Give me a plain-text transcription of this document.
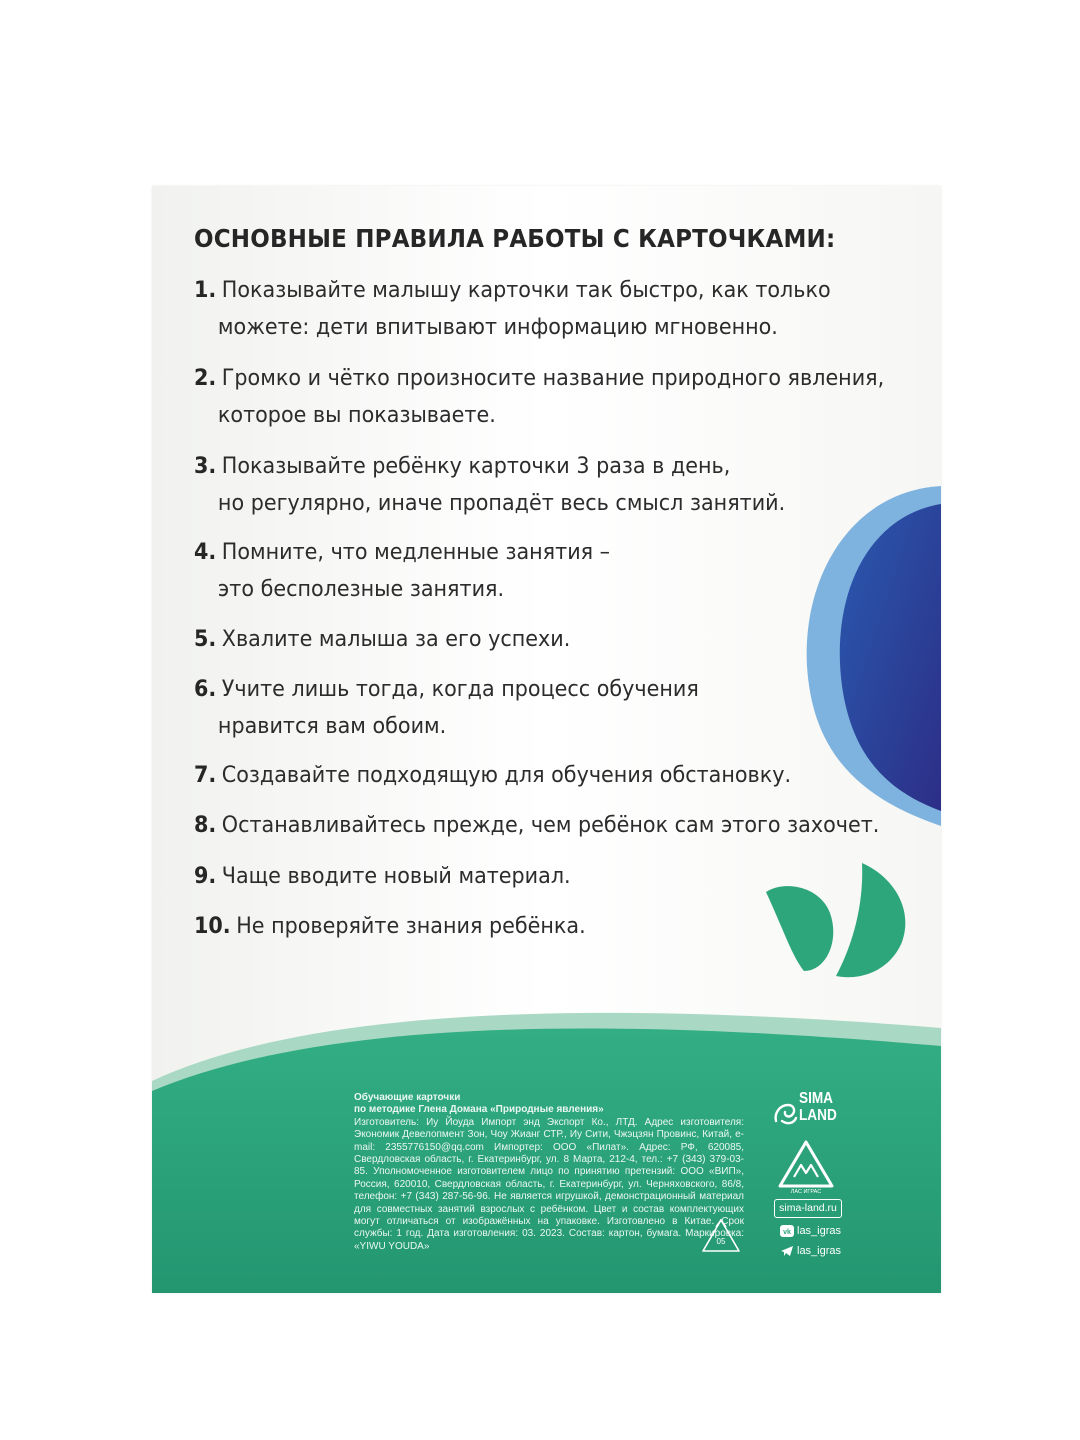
ОСНОВНЫЕ ПРАВИЛА РАБОТЫ С КАРТОЧКАМИ:
1. Показывайте малышу карточки так быстро, как только
можете: дети впитывают информацию мгновенно.
2. Громко и чётко произносите название природного явления,
которое вы показываете.
3. Показывайте ребёнку карточки 3 раза в день,
но регулярно, иначе пропадёт весь смысл занятий.
4. Помните, что медленные занятия –
это бесполезные занятия.
5. Хвалите малыша за его успехи.
6. Учите лишь тогда, когда процесс обучения
нравится вам обоим.
7. Создавайте подходящую для обучения обстановку.
8. Останавливайтесь прежде, чем ребёнок сам этого захочет.
9. Чаще вводите новый материал.
10. Не проверяйте знания ребёнка.
Обучающие карточки
по методике Глена Домана «Природные явления»
Изготовитель: Иу Йоуда Импорт энд Экспорт Ко., ЛТД. Адрес изготовителя: Экономик Девелопмент Зон, Чоу Жианг СТР., Иу Сити, Чжэцзян Провинс, Китай, e-mail: 2355776150@qq.com Импортер: ООО «Пилат». Адрес: РФ, 620085, Свердловская область, г. Екатеринбург, ул. 8 Марта, 212-4, тел.: +7 (343) 379-03-85. Уполномоченное изготовителем лицо по принятию претензий: ООО «ВИП», Россия, 620010, Свердловская область, г. Екатеринбург, ул. Черняховского, 86/8, телефон: +7 (343) 287-56-96. Не является игрушкой, демонстрационный материал для совместных занятий взрослых с ребёнком. Цвет и состав комплектующих могут отличаться от изображённых на упаковке. Изготовлено в Китае. Срок службы: 1 год. Дата изготовления: 03. 2023. Состав: картон, бумага. Маркировка: «YIWU YOUDA»
SIMA
LAND
ЛАС ИГРАС
sima-land.ru
vk las_igras
las_igras
05
